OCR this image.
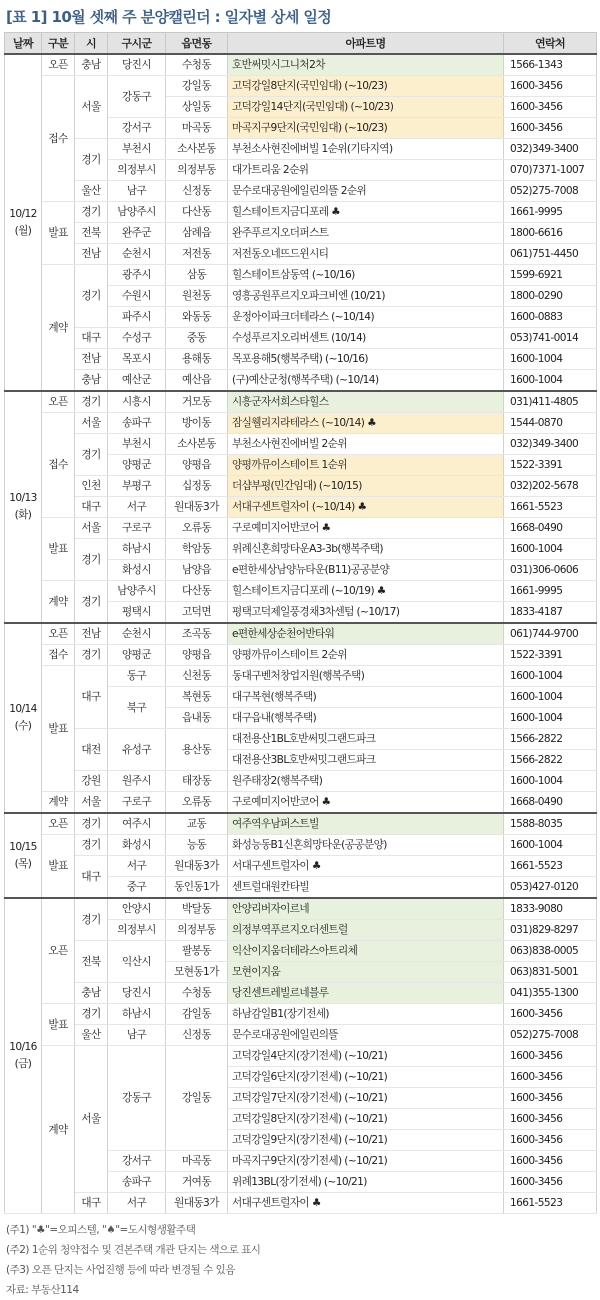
[표 1] 10월 셋째 주 분양캘린더 : 일자별 상세 일정
날짜	구분	시	구시군	읍면동	아파트명	연락처
10/12
(월)	오픈	충남	당진시	수청동	호반써밋시그니처2차	1566-1343
	접수	서울	강동구	강일동	고덕강일8단지(국민임대) (~10/23)	1600-3456
				상일동	고덕강일14단지(국민임대) (~10/23)	1600-3456
			강서구	마곡동	마곡지구9단지(국민임대) (~10/23)	1600-3456
		경기	부천시	소사본동	부천소사현진에버빌 1순위(기타지역)	032)349-3400
			의정부시	의정부동	대가트리움 2순위	070)7371-1007
		울산	남구	신정동	문수로대공원에일린의뜰 2순위	052)275-7008
	발표	경기	남양주시	다산동	힐스테이트지금디포레 ♣	1661-9995
		전북	완주군	삼례읍	완주푸르지오더퍼스트	1800-6616
		전남	순천시	저전동	저전동오네뜨드윈시티	061)751-4450
	계약	경기	광주시	삼동	힐스테이트삼동역 (~10/16)	1599-6921
			수원시	원천동	영흥공원푸르지오파크비엔 (10/21)	1800-0290
			파주시	와동동	운정아이파크더테라스 (~10/14)	1600-0883
		대구	수성구	중동	수성푸르지오리버센트 (10/14)	053)741-0014
		전남	목포시	용해동	목포용해5(행복주택) (~10/16)	1600-1004
		충남	예산군	예산읍	(구)예산군청(행복주택) (~10/14)	1600-1004
10/13
(화)	오픈	경기	시흥시	거모동	시흥군자서희스타힐스	031)411-4805
	접수	서울	송파구	방이동	잠실웰리지라테라스 (~10/14) ♣	1544-0870
		경기	부천시	소사본동	부천소사현진에버빌 2순위	032)349-3400
			양평군	양평읍	양평까뮤이스테이트 1순위	1522-3391
		인천	부평구	십정동	더샵부평(민간임대) (~10/15)	032)202-5678
		대구	서구	원대동3가	서대구센트럴자이 (~10/14) ♣	1661-5523
	발표	서울	구로구	오류동	구로예미지어반코어 ♣	1668-0490
		경기	하남시	학암동	위례신혼희망타운A3-3b(행복주택)	1600-1004
			화성시	남양읍	e편한세상남양뉴타운(B11)공공분양	031)306-0606
	계약	경기	남양주시	다산동	힐스테이트지금디포레 (~10/19) ♣	1661-9995
			평택시	고덕면	평택고덕제일풍경채3차센텀 (~10/17)	1833-4187
10/14
(수)	오픈	전남	순천시	조곡동	e편한세상순천어반타워	061)744-9700
	접수	경기	양평군	양평읍	양평까뮤이스테이트 2순위	1522-3391
	발표	대구	동구	신천동	동대구벤처창업지원(행복주택)	1600-1004
			북구	복현동	대구복현(행복주택)	1600-1004
				읍내동	대구읍내(행복주택)	1600-1004
		대전	유성구	용산동	대전용산1BL호반써밋그랜드파크	1566-2822
					대전용산3BL호반써밋그랜드파크	1566-2822
		강원	원주시	태장동	원주태장2(행복주택)	1600-1004
	계약	서울	구로구	오류동	구로예미지어반코어 ♣	1668-0490
10/15
(목)	오픈	경기	여주시	교동	여주역우남퍼스트빌	1588-8035
	발표	경기	화성시	능동	화성능동B1신혼희망타운(공공분양)	1600-1004
		대구	서구	원대동3가	서대구센트럴자이 ♣	1661-5523
			중구	동인동1가	센트럴대원칸타빌	053)427-0120
10/16
(금)	오픈	경기	안양시	박달동	안양리버자이르네	1833-9080
			의정부시	의정부동	의정부역푸르지오더센트럴	031)829-8297
		전북	익산시	팔봉동	익산이지움더테라스아트리체	063)838-0005
				모현동1가	모현이지움	063)831-5001
		충남	당진시	수청동	당진센트레빌르네블루	041)355-1300
	발표	경기	하남시	감일동	하남감일B1(장기전세)	1600-3456
		울산	남구	신정동	문수로대공원에일린의뜰	052)275-7008
	계약	서울	강동구	강일동	고덕강일4단지(장기전세) (~10/21)	1600-3456
					고덕강일6단지(장기전세) (~10/21)	1600-3456
					고덕강일7단지(장기전세) (~10/21)	1600-3456
					고덕강일8단지(장기전세) (~10/21)	1600-3456
					고덕강일9단지(장기전세) (~10/21)	1600-3456
			강서구	마곡동	마곡지구9단지(장기전세) (~10/21)	1600-3456
			송파구	거여동	위례13BL(장기전세) (~10/21)	1600-3456
		대구	서구	원대동3가	서대구센트럴자이 ♣	1661-5523
(주1) "♣"=오피스텔, "♠"=도시형생활주택
(주2) 1순위 청약접수 및 견본주택 개관 단지는 색으로 표시
(주3) 오픈 단지는 사업진행 등에 따라 변경될 수 있음
자료: 부동산114
